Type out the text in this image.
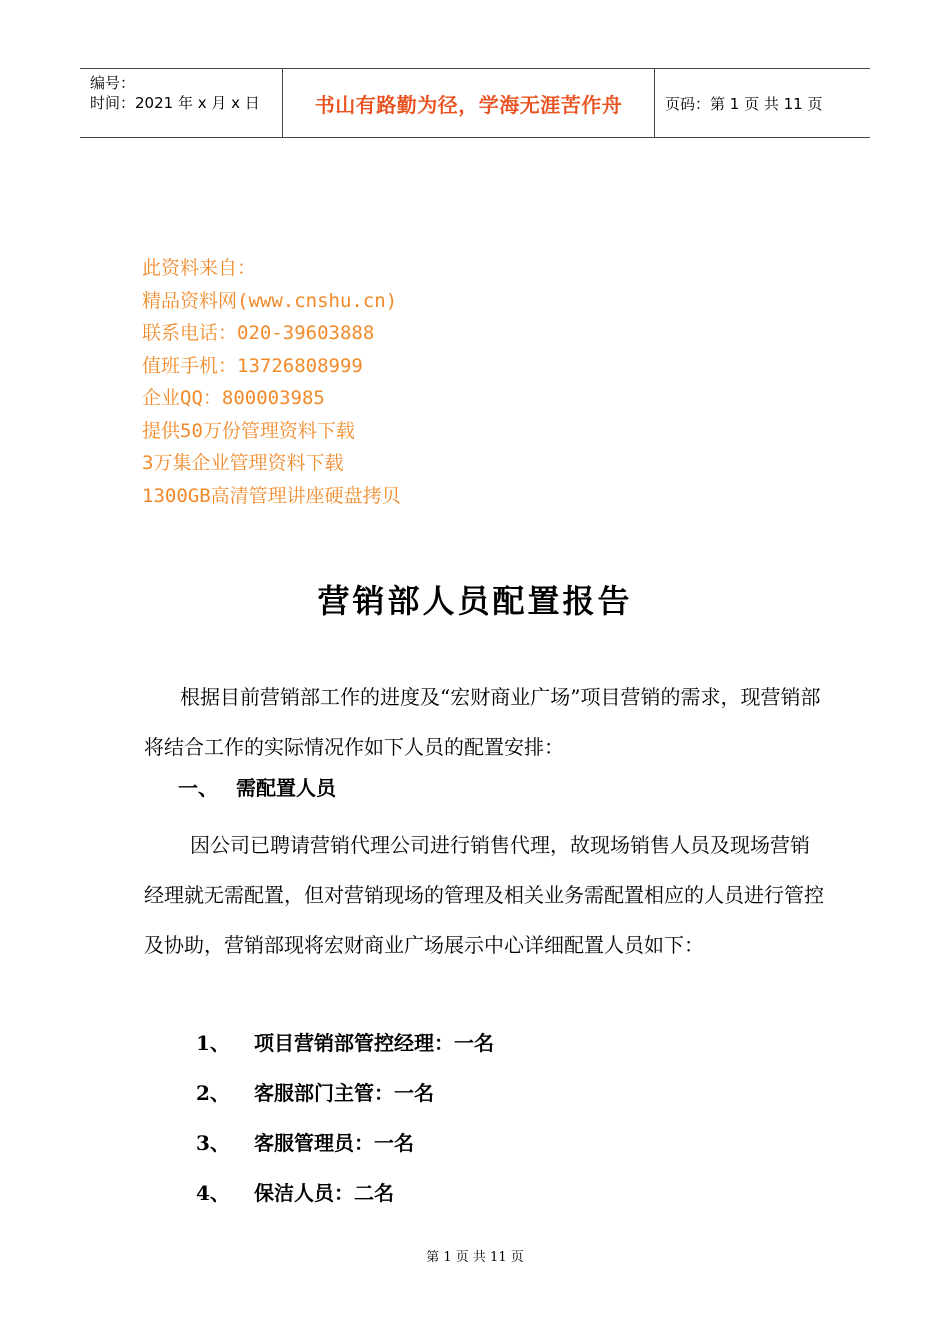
编号：
时间：2021 年 x 月 x 日	书山有路勤为径，学海无涯苦作舟	页码：第 1 页 共 11 页
此资料来自：
精品资料网(www.cnshu.cn)
联系电话：020-39603888
值班手机：13726808999
企业QQ：800003985
提供50万份管理资料下载
3万集企业管理资料下载
1300GB高清管理讲座硬盘拷贝
营销部人员配置报告
根据目前营销部工作的进度及“宏财商业广场”项目营销的需求，现营销部将结合工作的实际情况作如下人员的配置安排：
一、 需配置人员
因公司已聘请营销代理公司进行销售代理，故现场销售人员及现场营销经理就无需配置，但对营销现场的管理及相关业务需配置相应的人员进行管控及协助，营销部现将宏财商业广场展示中心详细配置人员如下：
1、	项目营销部管控经理：一名
2、	客服部门主管：一名
3、	客服管理员：一名
4、	保洁人员：二名
第 1 页 共 11 页
